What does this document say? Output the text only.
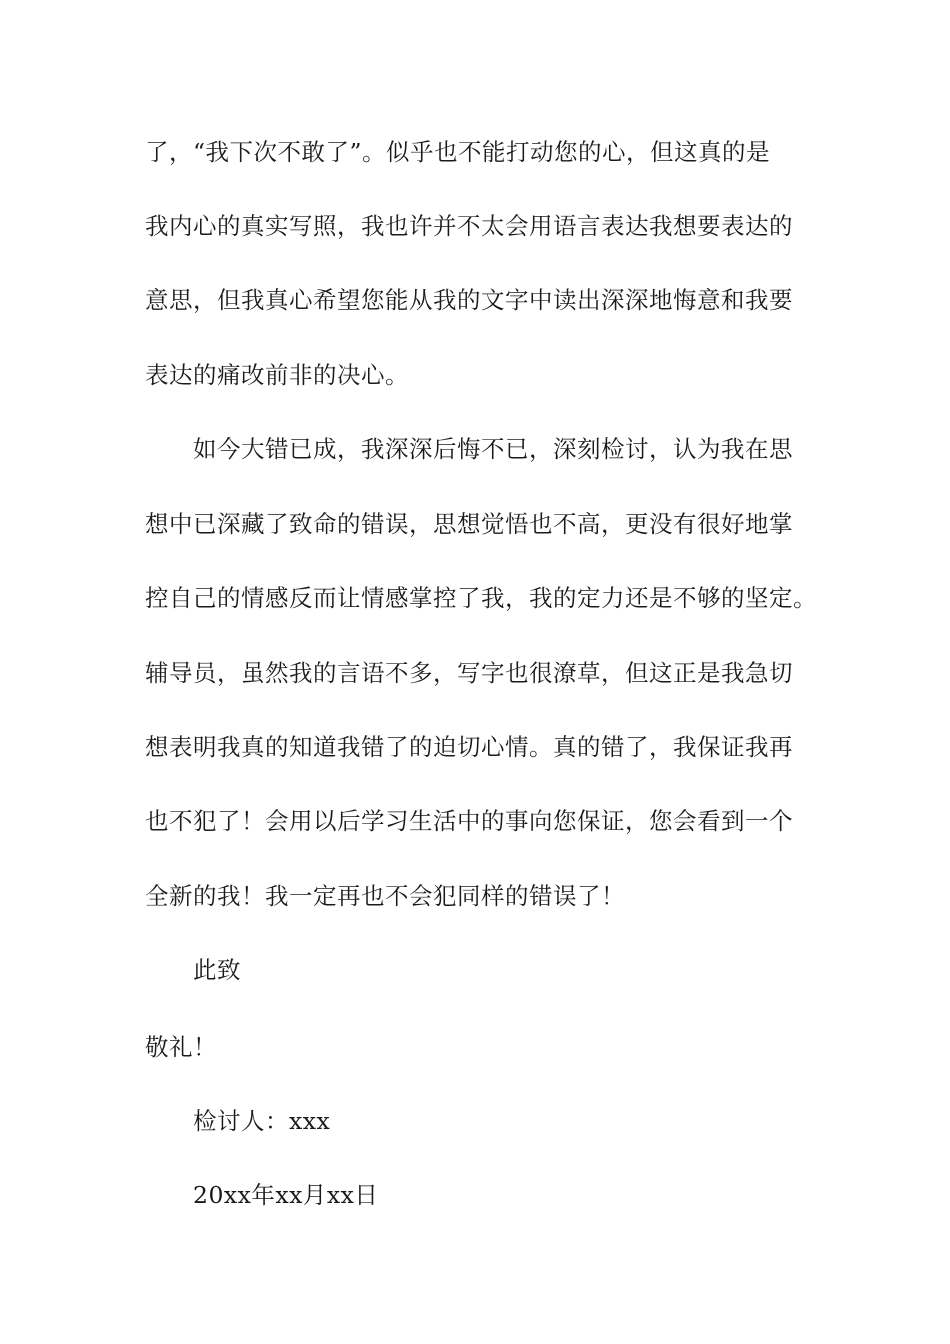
了，“我下次不敢了”。似乎也不能打动您的心，但这真的是
我内心的真实写照，我也许并不太会用语言表达我想要表达的
意思，但我真心希望您能从我的文字中读出深深地悔意和我要
表达的痛改前非的决心。
如今大错已成，我深深后悔不已，深刻检讨，认为我在思
想中已深藏了致命的错误，思想觉悟也不高，更没有很好地掌
控自己的情感反而让情感掌控了我，我的定力还是不够的坚定。
辅导员，虽然我的言语不多，写字也很潦草，但这正是我急切
想表明我真的知道我错了的迫切心情。真的错了，我保证我再
也不犯了！会用以后学习生活中的事向您保证，您会看到一个
全新的我！我一定再也不会犯同样的错误了！
此致
敬礼！
检讨人：xxx
20xx年xx月xx日
